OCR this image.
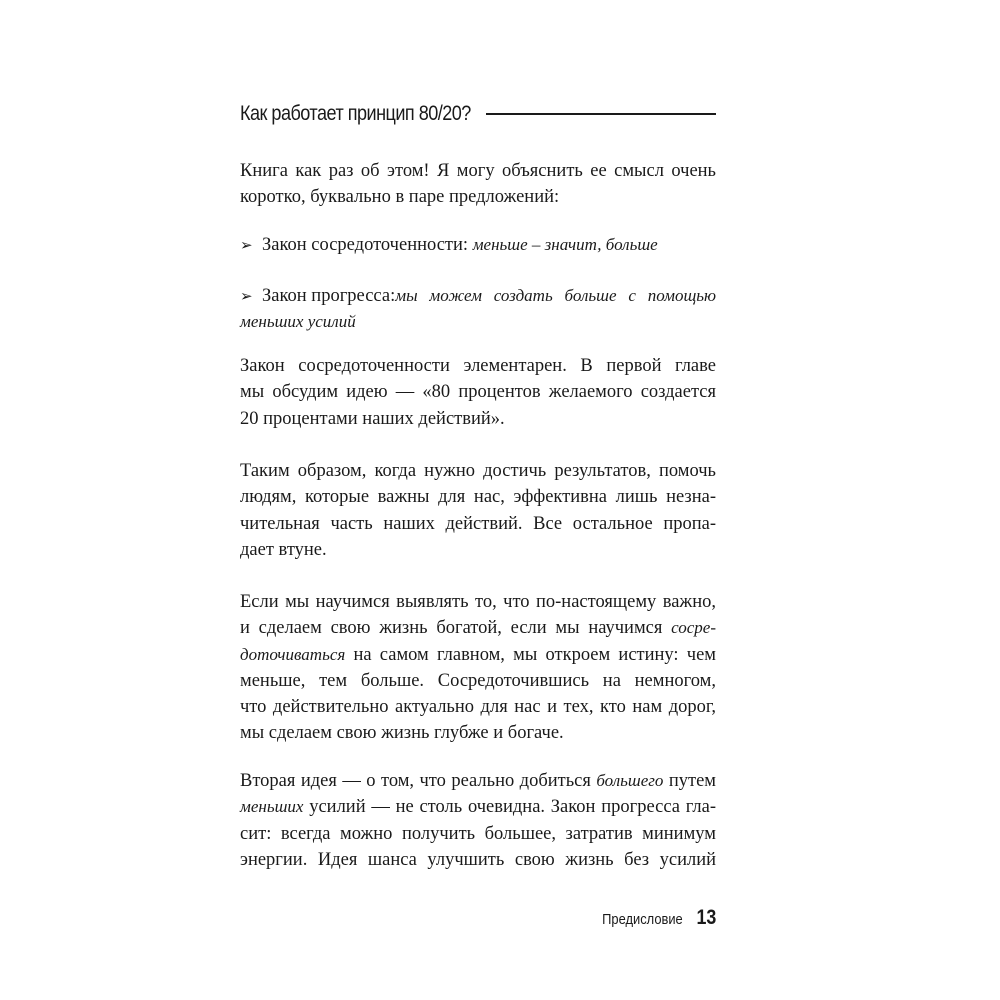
Как работает принцип 80/20?
Книга как раз об этом! Я могу объяснить ее смысл очень
коротко, буквально в паре предложений:
➢ Закон сосредоточенности: меньше – значит, больше
➢ Закон прогресса: мы можем создать больше с помощью
меньших усилий
Закон сосредоточенности элементарен. В первой главе
мы обсудим идею — «80 процентов желаемого создается
20 процентами наших действий».
Таким образом, когда нужно достичь результатов, помочь
людям, которые важны для нас, эффективна лишь незна-
чительная часть наших действий. Все остальное пропа-
дает втуне.
Если мы научимся выявлять то, что по-настоящему важно,
и сделаем свою жизнь богатой, если мы научимся сосре-
доточиваться на самом главном, мы откроем истину: чем
меньше, тем больше. Сосредоточившись на немногом,
что действительно актуально для нас и тех, кто нам дорог,
мы сделаем свою жизнь глубже и богаче.
Вторая идея — о том, что реально добиться большего путем
меньших усилий — не столь очевидна. Закон прогресса гла-
сит: всегда можно получить большее, затратив минимум
энергии. Идея шанса улучшить свою жизнь без усилий
Предисловие 13
